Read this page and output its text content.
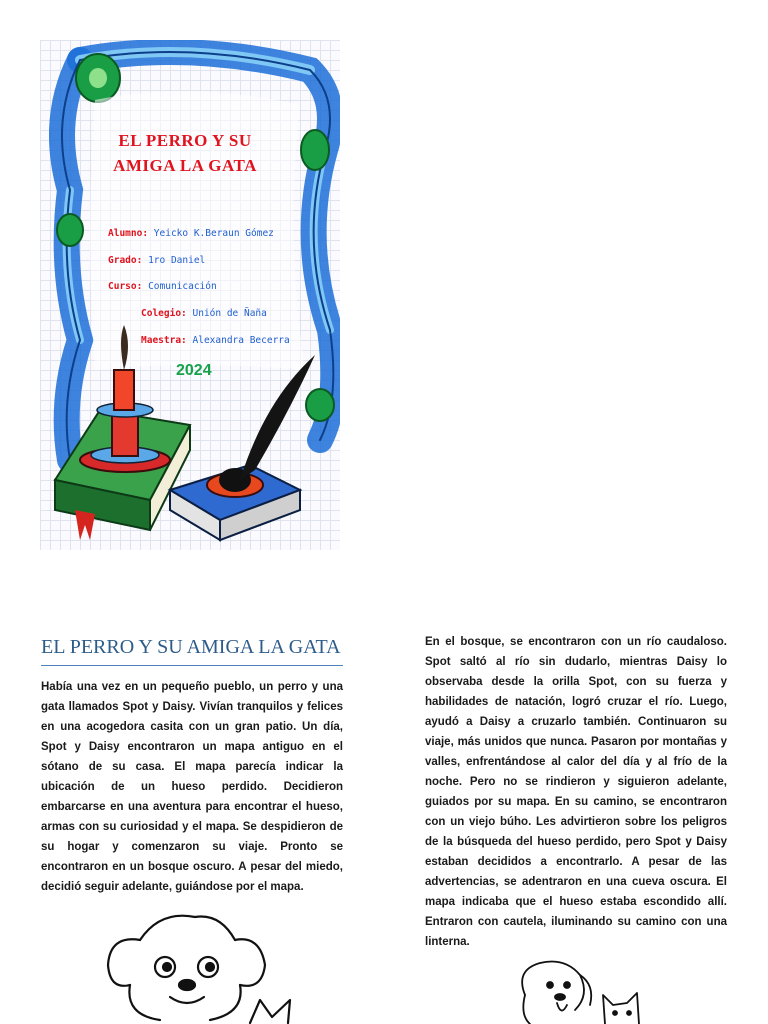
EL PERRO Y SU
AMIGA LA GATA
Alumno: Yeicko K.Beraun Gómez
Grado: 1ro Daniel
Curso: Comunicación
Colegio: Unión de Ñaña
Maestra: Alexandra Becerra
2024
EL PERRO Y SU AMIGA LA GATA

Había una vez en un pequeño pueblo, un perro y una gata llamados Spot y Daisy. Vivían tranquilos y felices en una acogedora casita con un gran patio. Un día, Spot y Daisy encontraron un mapa antiguo en el sótano de su casa. El mapa parecía indicar la ubicación de un hueso perdido. Decidieron embarcarse en una aventura para encontrar el hueso, armas con su curiosidad y el mapa. Se despidieron de su hogar y comenzaron su viaje. Pronto se encontraron en un bosque oscuro. A pesar del miedo, decidió seguir adelante, guiándose por el mapa.

En el bosque, se encontraron con un río caudaloso. Spot saltó al río sin dudarlo, mientras Daisy lo observaba desde la orilla Spot, con su fuerza y habilidades de natación, logró cruzar el río. Luego, ayudó a Daisy a cruzarlo también. Continuaron su viaje, más unidos que nunca. Pasaron por montañas y valles, enfrentándose al calor del día y al frío de la noche. Pero no se rindieron y siguieron adelante, guiados por su mapa. En su camino, se encontraron con un viejo búho. Les advirtieron sobre los peligros de la búsqueda del hueso perdido, pero Spot y Daisy estaban decididos a encontrarlo. A pesar de las advertencias, se adentraron en una cueva oscura. El mapa indicaba que el hueso estaba escondido allí. Entraron con cautela, iluminando su camino con una linterna.
